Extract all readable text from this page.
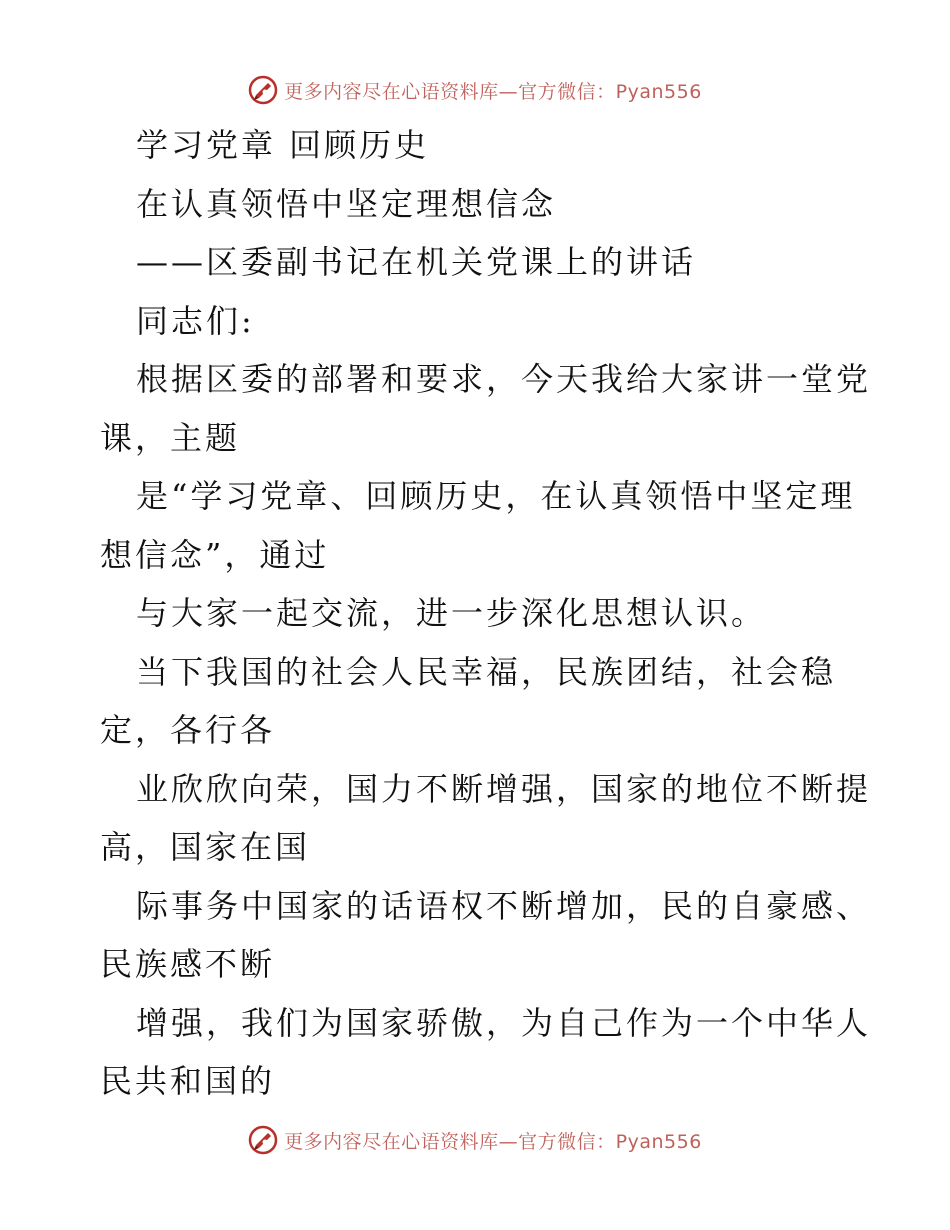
更多内容尽在心语资料库—官方微信：Pyan556
学习党章 回顾历史
在认真领悟中坚定理想信念
——区委副书记在机关党课上的讲话
同志们:
根据区委的部署和要求，今天我给大家讲一堂党
课，主题
是“学习党章、回顾历史，在认真领悟中坚定理
想信念”，通过
与大家一起交流，进一步深化思想认识。
当下我国的社会人民幸福，民族团结，社会稳
定，各行各
业欣欣向荣，国力不断增强，国家的地位不断提
高，国家在国
际事务中国家的话语权不断增加，民的自豪感、
民族感不断
增强，我们为国家骄傲，为自己作为一个中华人
民共和国的
更多内容尽在心语资料库—官方微信：Pyan556
